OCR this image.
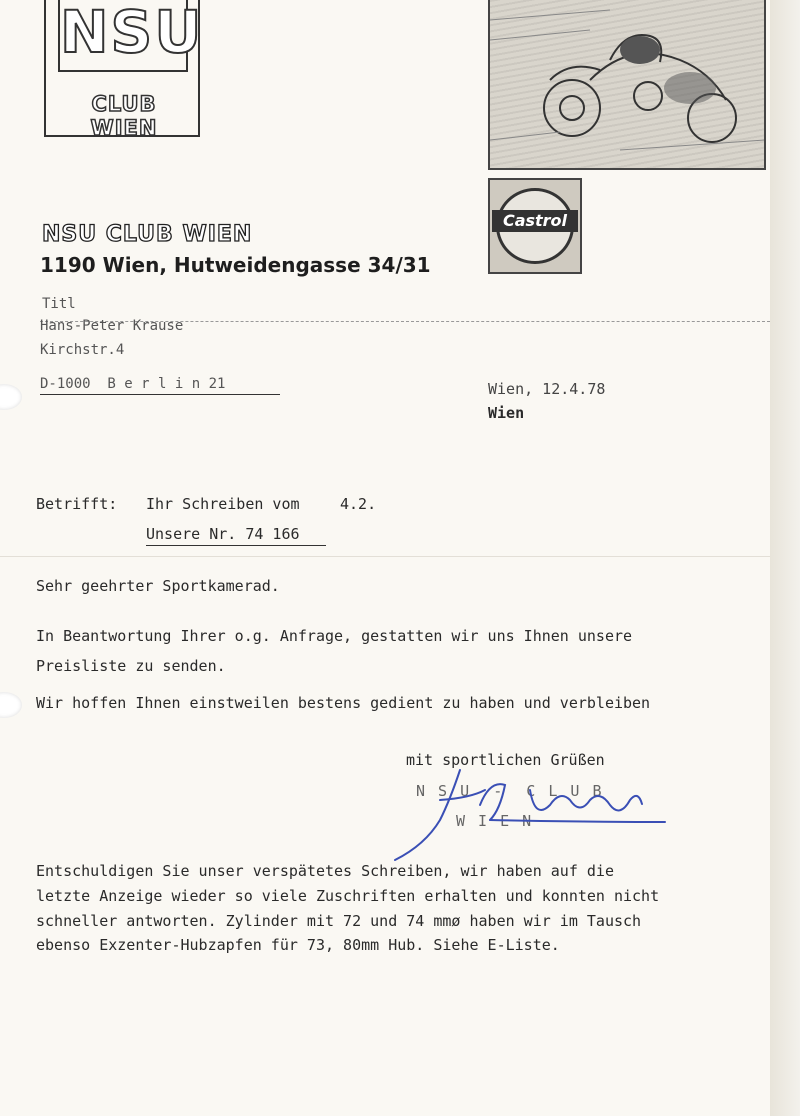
NSU
CLUB WIEN
Castrol
NSU CLUB WIEN
1190 Wien, Hutweidengasse 34/31
Titl
Hans-Peter Krause
Kirchstr.4
D-1000  B e r l i n 21	Wien, 12.4.78
Wien
Betrifft: Ihr Schreiben vom	4.2.
Unsere Nr. 74 166
Sehr geehrter Sportkamerad.
In Beantwortung Ihrer o.g. Anfrage, gestatten wir uns Ihnen unsere
Preisliste zu senden.
Wir hoffen Ihnen einstweilen bestens gedient zu haben und verbleiben
mit sportlichen Grüßen
N S U  -  C L U B
W I E N
Entschuldigen Sie unser verspätetes Schreiben, wir haben auf die
letzte Anzeige wieder so viele Zuschriften erhalten und konnten nicht
schneller antworten. Zylinder mit 72 und 74 mmø haben wir im Tausch
ebenso Exzenter-Hubzapfen für 73, 80mm Hub. Siehe E-Liste.
